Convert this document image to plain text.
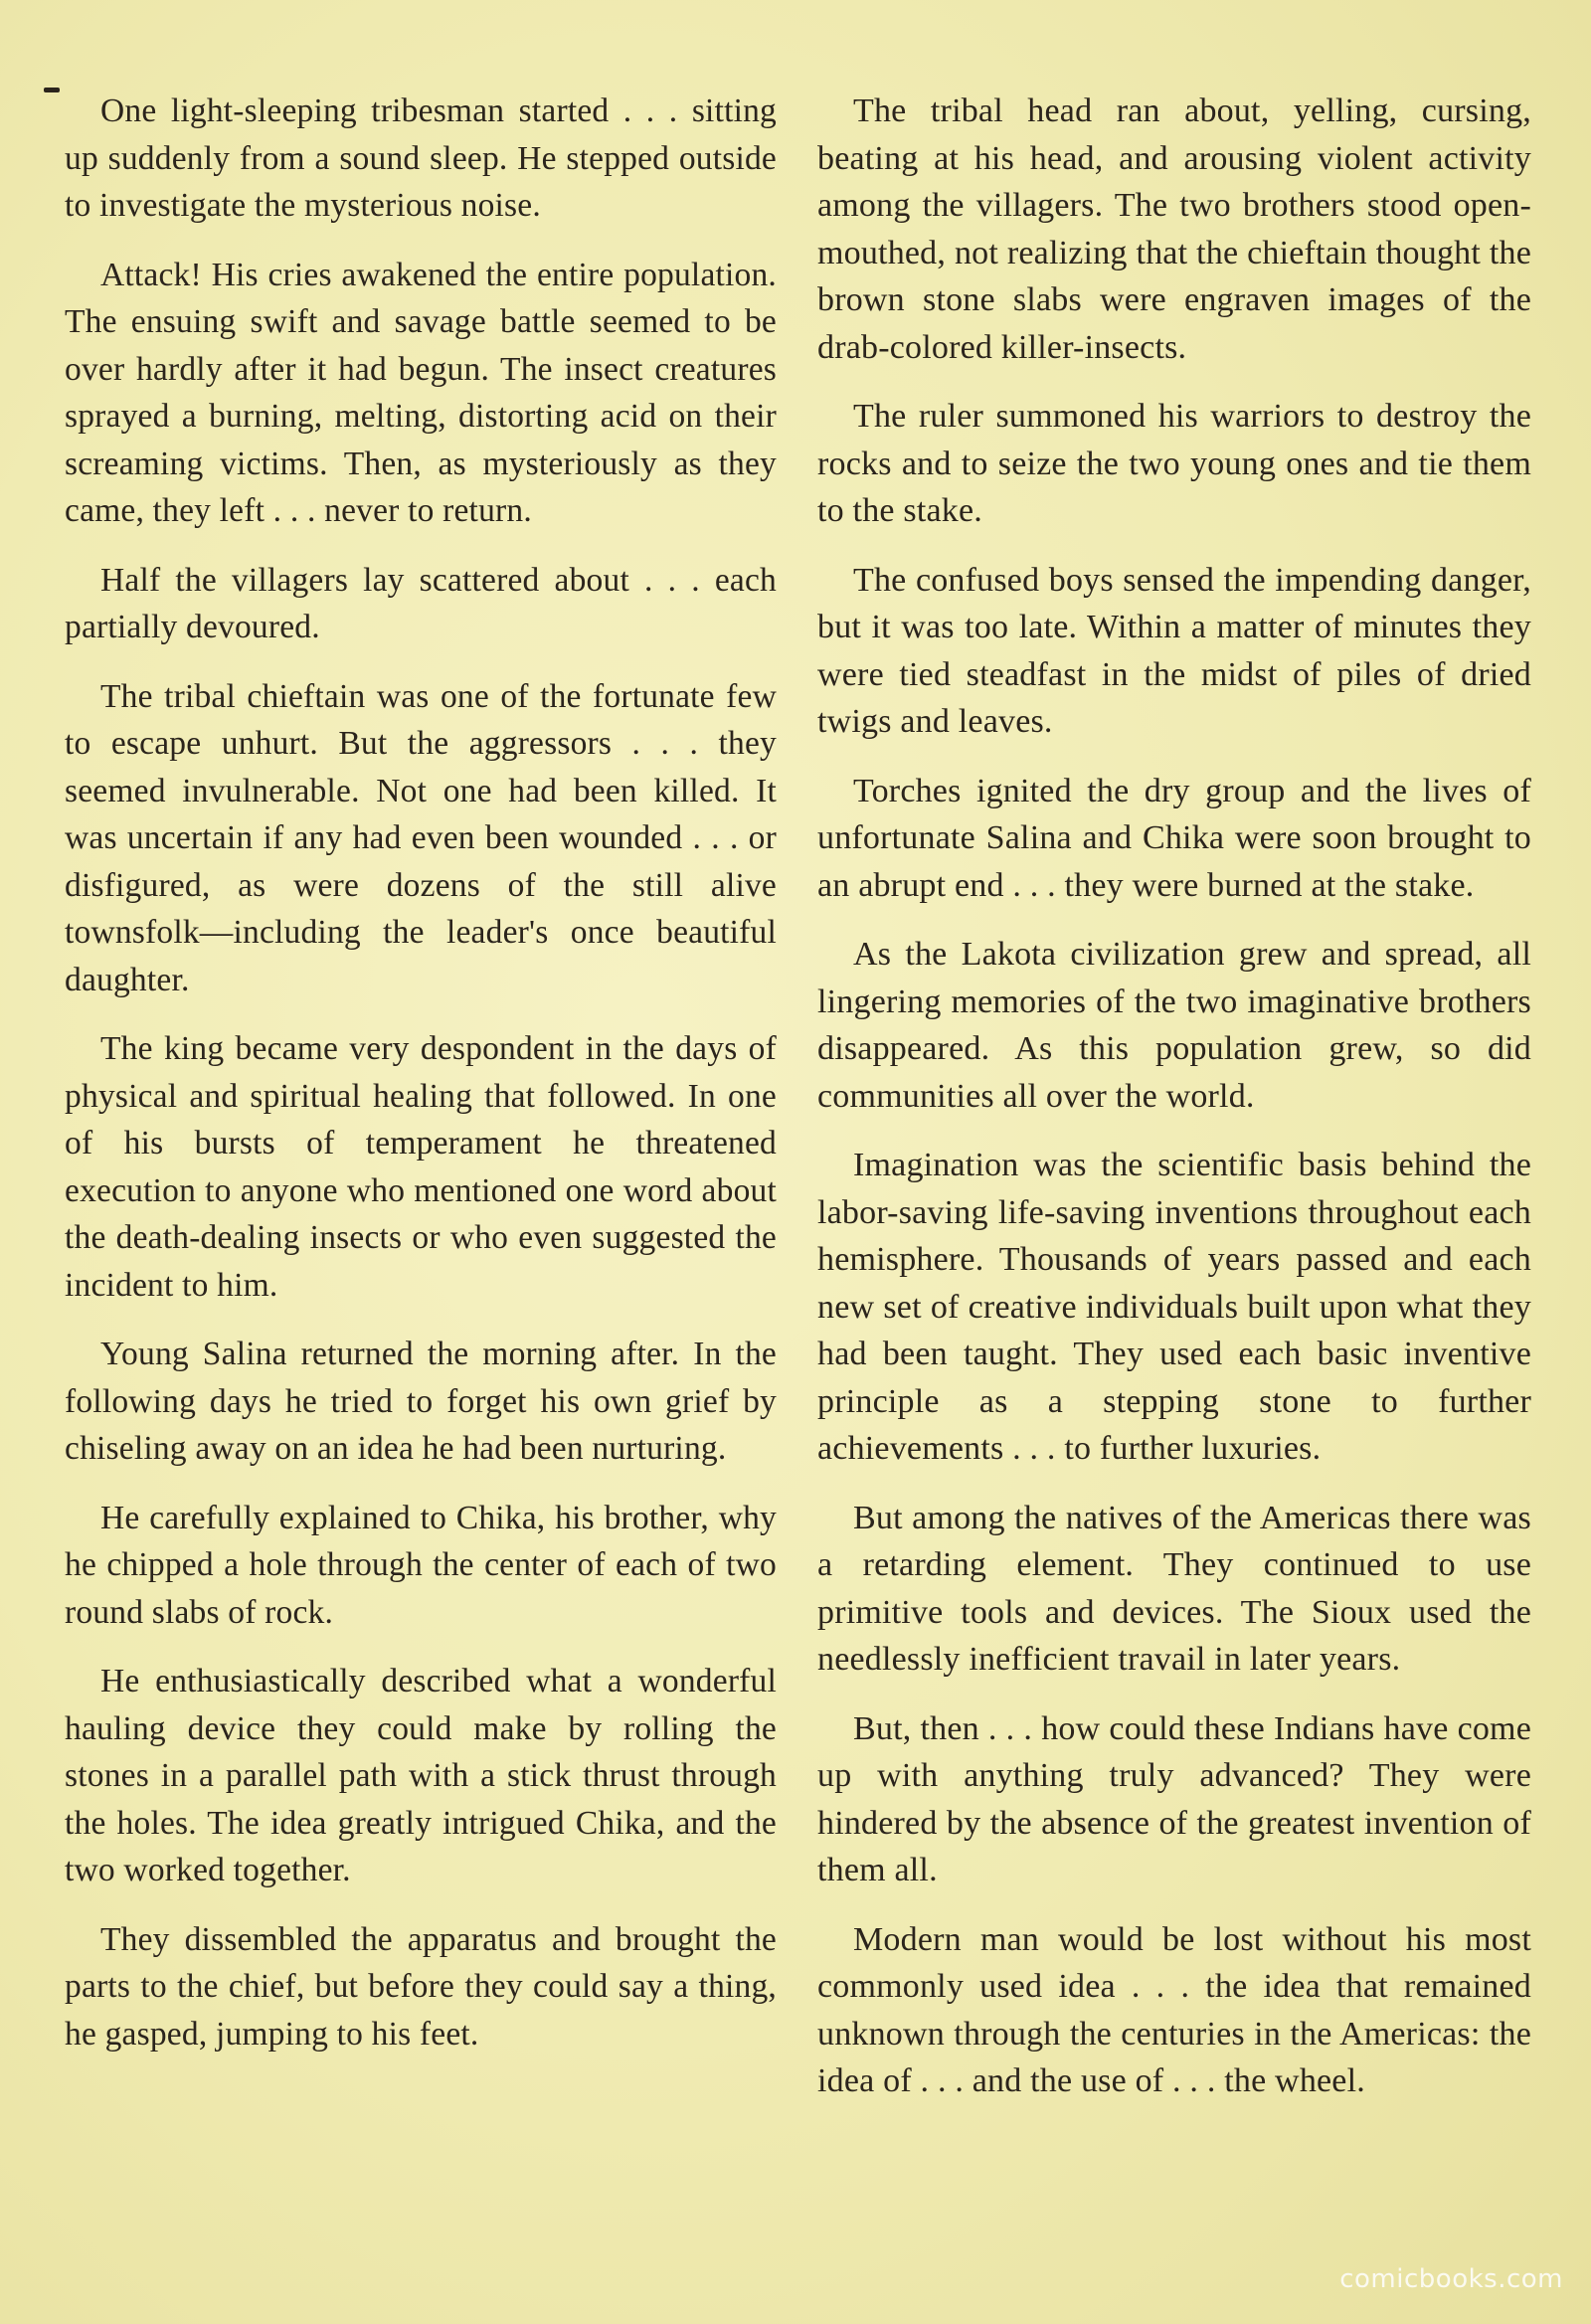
One light-sleeping tribesman started . . . sitting up suddenly from a sound sleep. He stepped outside to investigate the mysterious noise.

Attack! His cries awakened the entire population. The ensuing swift and savage battle seemed to be over hardly after it had begun. The insect creatures sprayed a burning, melting, distorting acid on their screaming victims. Then, as mysteriously as they came, they left . . . never to return.

Half the villagers lay scattered about . . . each partially devoured.

The tribal chieftain was one of the fortunate few to escape unhurt. But the aggressors . . . they seemed invulnerable. Not one had been killed. It was uncertain if any had even been wounded . . . or disfigured, as were dozens of the still alive townsfolk—including the leader's once beautiful daughter.

The king became very despondent in the days of physical and spiritual healing that followed. In one of his bursts of temperament he threatened execution to anyone who mentioned one word about the death-dealing insects or who even suggested the incident to him.

Young Salina returned the morning after. In the following days he tried to forget his own grief by chiseling away on an idea he had been nurturing.

He carefully explained to Chika, his brother, why he chipped a hole through the center of each of two round slabs of rock.

He enthusiastically described what a wonderful hauling device they could make by rolling the stones in a parallel path with a stick thrust through the holes. The idea greatly intrigued Chika, and the two worked together.

They dissembled the apparatus and brought the parts to the chief, but before they could say a thing, he gasped, jumping to his feet.

The tribal head ran about, yelling, cursing, beating at his head, and arousing violent activity among the villagers. The two brothers stood open-mouthed, not realizing that the chieftain thought the brown stone slabs were engraven images of the drab-colored killer-insects.

The ruler summoned his warriors to destroy the rocks and to seize the two young ones and tie them to the stake.

The confused boys sensed the impending danger, but it was too late. Within a matter of minutes they were tied steadfast in the midst of piles of dried twigs and leaves.

Torches ignited the dry group and the lives of unfortunate Salina and Chika were soon brought to an abrupt end . . . they were burned at the stake.

As the Lakota civilization grew and spread, all lingering memories of the two imaginative brothers disappeared. As this population grew, so did communities all over the world.

Imagination was the scientific basis behind the labor-saving life-saving inventions throughout each hemisphere. Thousands of years passed and each new set of creative individuals built upon what they had been taught. They used each basic inventive principle as a stepping stone to further achievements . . . to further luxuries.

But among the natives of the Americas there was a retarding element. They continued to use primitive tools and devices. The Sioux used the needlessly inefficient travail in later years.

But, then . . . how could these Indians have come up with anything truly advanced? They were hindered by the absence of the greatest invention of them all.

Modern man would be lost without his most commonly used idea . . . the idea that remained unknown through the centuries in the Americas: the idea of . . . and the use of . . . the wheel.

comicbooks.com
